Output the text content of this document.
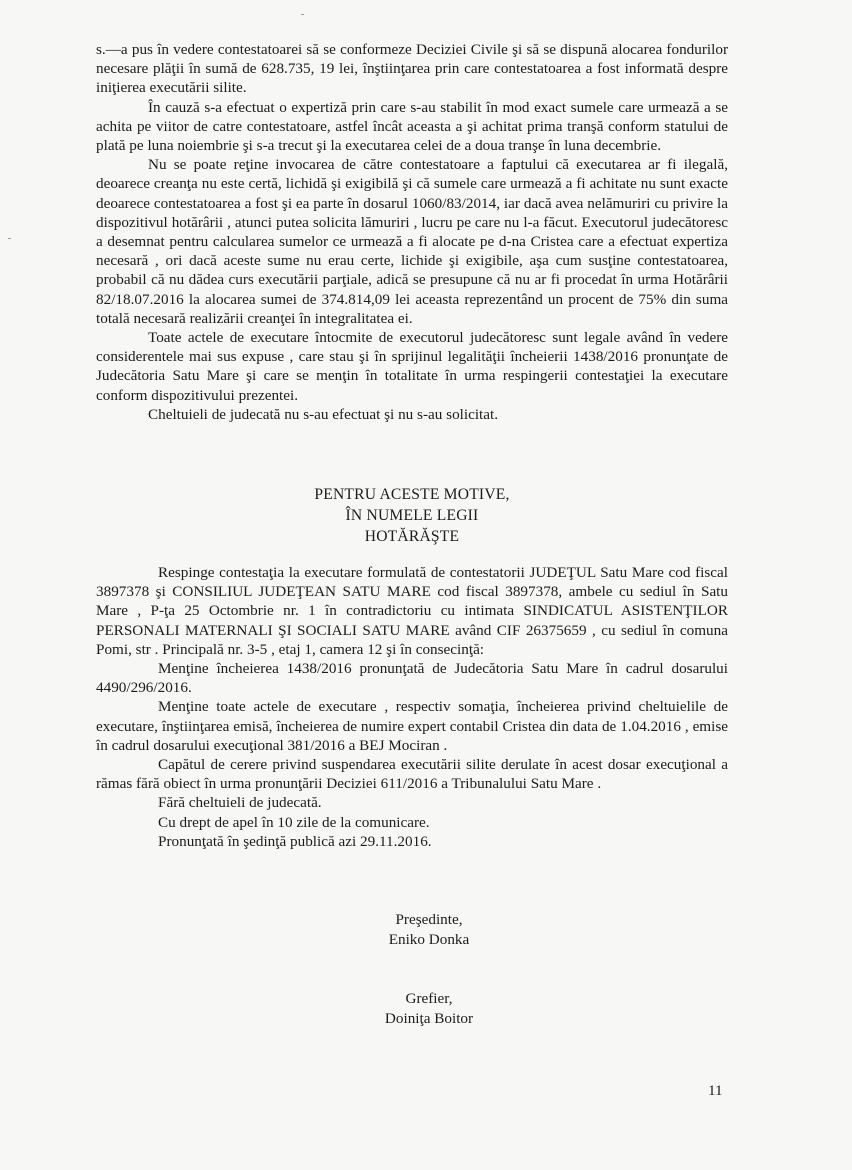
s.—a pus în vedere contestatoarei să se conformeze Deciziei Civile şi să se dispună alocarea fondurilor necesare plăţii în sumă de 628.735, 19 lei, înştiinţarea prin care contestatoarea a fost informată despre iniţierea executării silite.

În cauză s-a efectuat o expertiză prin care s-au stabilit în mod exact sumele care urmează a se achita pe viitor de catre contestatoare, astfel încât aceasta a şi achitat prima tranşă conform statului de plată pe luna noiembrie şi s-a trecut şi la executarea celei de a doua tranşe în luna decembrie.

Nu se poate reţine invocarea de către contestatoare a faptului că executarea ar fi ilegală, deoarece creanţa nu este certă, lichidă şi exigibilă şi că sumele care urmează a fi achitate nu sunt exacte deoarece contestatoarea a fost şi ea parte în dosarul 1060/83/2014, iar dacă avea nelămuriri cu privire la dispozitivul hotărârii , atunci putea solicita lămuriri , lucru pe care nu l-a făcut. Executorul judecătoresc a desemnat pentru calcularea sumelor ce urmează a fi alocate pe d-na Cristea care a efectuat expertiza necesară , ori dacă aceste sume nu erau certe, lichide şi exigibile, aşa cum susţine contestatoarea, probabil că nu dădea curs executării parţiale, adică se presupune că nu ar fi procedat în urma Hotărârii 82/18.07.2016 la alocarea sumei de 374.814,09 lei aceasta reprezentând un procent de 75% din suma totală necesară realizării creanţei în integralitatea ei.

Toate actele de executare întocmite de executorul judecătoresc sunt legale având în vedere considerentele mai sus expuse , care stau şi în sprijinul legalităţii încheierii 1438/2016 pronunţate de Judecătoria Satu Mare şi care se menţin în totalitate în urma respingerii contestaţiei la executare conform dispozitivului prezentei.

Cheltuieli de judecată nu s-au efectuat şi nu s-au solicitat.

PENTRU ACESTE MOTIVE,
ÎN NUMELE LEGII
HOTĂRĂŞTE

Respinge contestaţia la executare formulată de contestatorii JUDEŢUL Satu Mare cod fiscal 3897378 şi CONSILIUL JUDEŢEAN SATU MARE cod fiscal 3897378, ambele cu sediul în Satu Mare , P-ţa 25 Octombrie nr. 1 în contradictoriu cu intimata SINDICATUL ASISTENŢILOR PERSONALI MATERNALI ŞI SOCIALI SATU MARE având CIF 26375659 , cu sediul în comuna Pomi, str . Principală nr. 3-5 , etaj 1, camera 12 şi în consecinţă:

Menţine încheierea 1438/2016 pronunţată de Judecătoria Satu Mare în cadrul dosarului 4490/296/2016.

Menţine toate actele de executare , respectiv somaţia, încheierea privind cheltuielile de executare, înştiinţarea emisă, încheierea de numire expert contabil Cristea din data de 1.04.2016 , emise în cadrul dosarului execuţional 381/2016 a BEJ Mociran .

Capătul de cerere privind suspendarea executării silite derulate în acest dosar execuţional a rămas fără obiect în urma pronunţării Deciziei 611/2016 a Tribunalului Satu Mare .

Fără cheltuieli de judecată.

Cu drept de apel în 10 zile de la comunicare.

Pronunţată în şedinţă publică azi 29.11.2016.

Preşedinte,
Eniko Donka
Grefier,
Doiniţa Boitor
11
